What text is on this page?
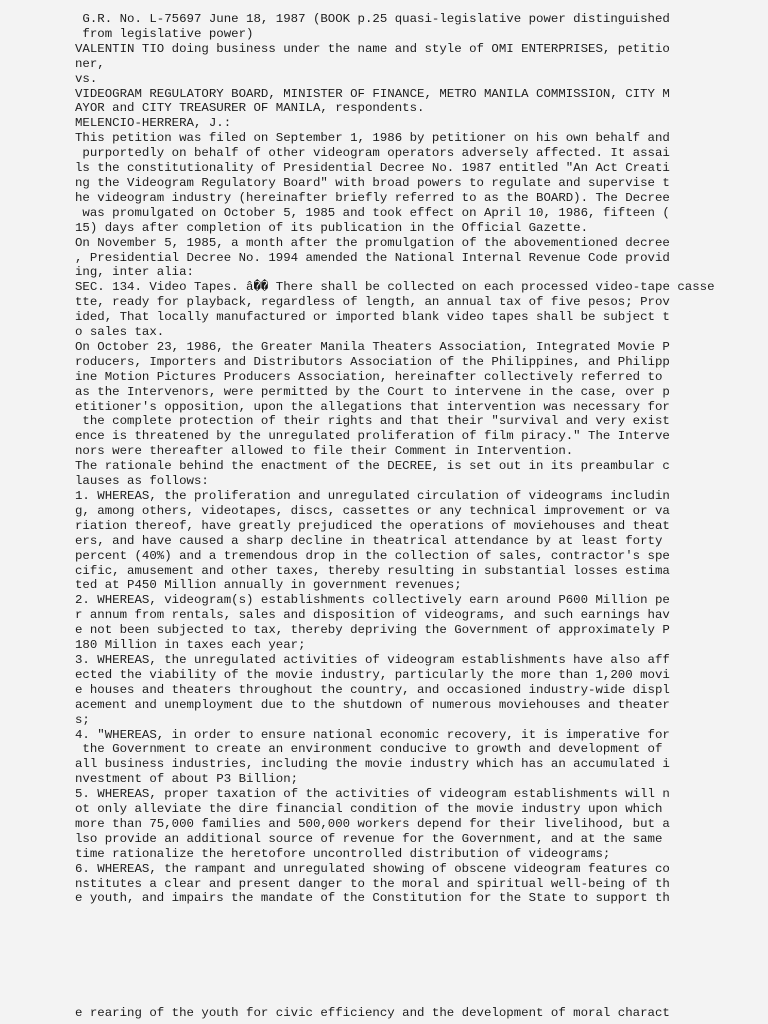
G.R. No. L-75697 June 18, 1987 (BOOK p.25 quasi-legislative power distinguished
from legislative power)
VALENTIN TIO doing business under the name and style of OMI ENTERPRISES, petitio
ner,
vs.
VIDEOGRAM REGULATORY BOARD, MINISTER OF FINANCE, METRO MANILA COMMISSION, CITY M
AYOR and CITY TREASURER OF MANILA, respondents.
MELENCIO-HERRERA, J.:
This petition was filed on September 1, 1986 by petitioner on his own behalf and
purportedly on behalf of other videogram operators adversely affected. It assai
ls the constitutionality of Presidential Decree No. 1987 entitled "An Act Creati
ng the Videogram Regulatory Board" with broad powers to regulate and supervise t
he videogram industry (hereinafter briefly referred to as the BOARD). The Decree
was promulgated on October 5, 1985 and took effect on April 10, 1986, fifteen (
15) days after completion of its publication in the Official Gazette.
On November 5, 1985, a month after the promulgation of the abovementioned decree
, Presidential Decree No. 1994 amended the National Internal Revenue Code provid
ing, inter alia:
SEC. 134. Video Tapes. â�� There shall be collected on each processed video-tape casse
tte, ready for playback, regardless of length, an annual tax of five pesos; Prov
ided, That locally manufactured or imported blank video tapes shall be subject t
o sales tax.
On October 23, 1986, the Greater Manila Theaters Association, Integrated Movie P
roducers, Importers and Distributors Association of the Philippines, and Philipp
ine Motion Pictures Producers Association, hereinafter collectively referred to
as the Intervenors, were permitted by the Court to intervene in the case, over p
etitioner's opposition, upon the allegations that intervention was necessary for
the complete protection of their rights and that their "survival and very exist
ence is threatened by the unregulated proliferation of film piracy." The Interve
nors were thereafter allowed to file their Comment in Intervention.
The rationale behind the enactment of the DECREE, is set out in its preambular c
lauses as follows:
1. WHEREAS, the proliferation and unregulated circulation of videograms includin
g, among others, videotapes, discs, cassettes or any technical improvement or va
riation thereof, have greatly prejudiced the operations of moviehouses and theat
ers, and have caused a sharp decline in theatrical attendance by at least forty
percent (40%) and a tremendous drop in the collection of sales, contractor's spe
cific, amusement and other taxes, thereby resulting in substantial losses estima
ted at P450 Million annually in government revenues;
2. WHEREAS, videogram(s) establishments collectively earn around P600 Million pe
r annum from rentals, sales and disposition of videograms, and such earnings hav
e not been subjected to tax, thereby depriving the Government of approximately P
180 Million in taxes each year;
3. WHEREAS, the unregulated activities of videogram establishments have also aff
ected the viability of the movie industry, particularly the more than 1,200 movi
e houses and theaters throughout the country, and occasioned industry-wide displ
acement and unemployment due to the shutdown of numerous moviehouses and theater
s;
4. "WHEREAS, in order to ensure national economic recovery, it is imperative for
the Government to create an environment conducive to growth and development of
all business industries, including the movie industry which has an accumulated i
nvestment of about P3 Billion;
5. WHEREAS, proper taxation of the activities of videogram establishments will n
ot only alleviate the dire financial condition of the movie industry upon which
more than 75,000 families and 500,000 workers depend for their livelihood, but a
lso provide an additional source of revenue for the Government, and at the same
time rationalize the heretofore uncontrolled distribution of videograms;
6. WHEREAS, the rampant and unregulated showing of obscene videogram features co
nstitutes a clear and present danger to the moral and spiritual well-being of th
e youth, and impairs the mandate of the Constitution for the State to support th
e rearing of the youth for civic efficiency and the development of moral charact
